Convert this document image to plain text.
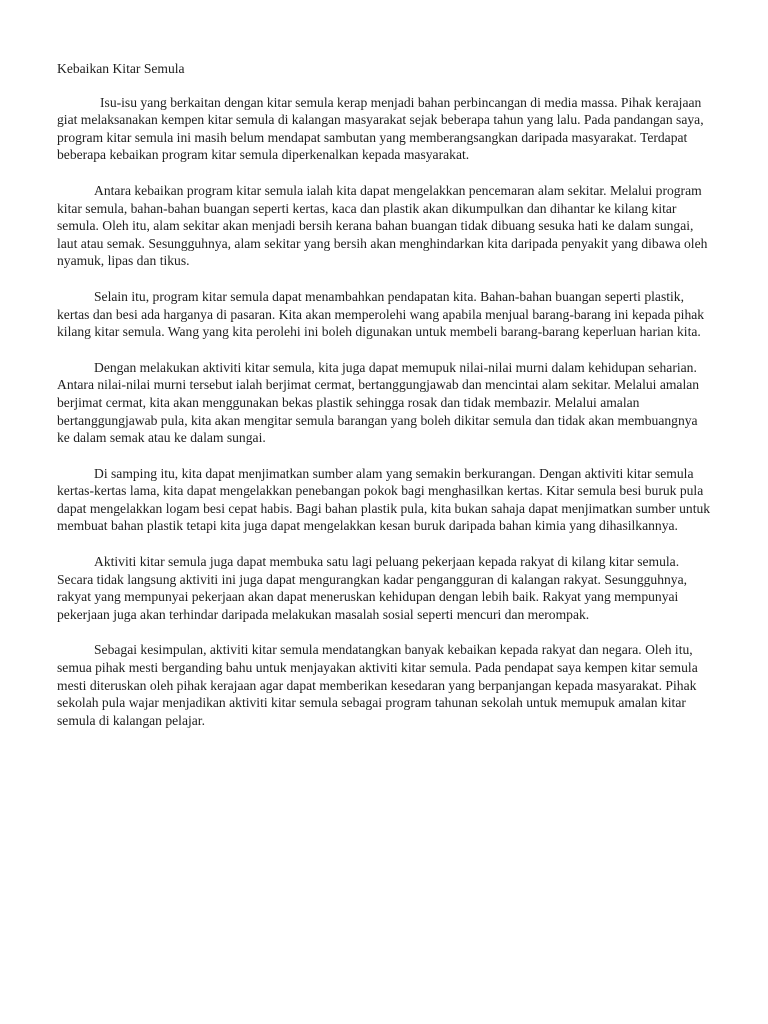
Kebaikan Kitar Semula

Isu-isu yang berkaitan dengan kitar semula kerap menjadi bahan perbincangan di media massa. Pihak kerajaan giat melaksanakan kempen kitar semula di kalangan masyarakat sejak beberapa tahun yang lalu. Pada pandangan saya, program kitar semula ini masih belum mendapat sambutan yang memberangsangkan daripada masyarakat. Terdapat beberapa kebaikan program kitar semula diperkenalkan kepada masyarakat.

Antara kebaikan program kitar semula ialah kita dapat mengelakkan pencemaran alam sekitar. Melalui program kitar semula, bahan-bahan buangan seperti kertas, kaca dan plastik akan dikumpulkan dan dihantar ke kilang kitar semula. Oleh itu, alam sekitar akan menjadi bersih kerana bahan buangan tidak dibuang sesuka hati ke dalam sungai, laut atau semak. Sesungguhnya, alam sekitar yang bersih akan menghindarkan kita daripada penyakit yang dibawa oleh nyamuk, lipas dan tikus.

Selain itu, program kitar semula dapat menambahkan pendapatan kita. Bahan-bahan buangan seperti plastik, kertas dan besi ada harganya di pasaran. Kita akan memperolehi wang apabila menjual barang-barang ini kepada pihak kilang kitar semula. Wang yang kita perolehi ini boleh digunakan untuk membeli barang-barang keperluan harian kita.

Dengan melakukan aktiviti kitar semula, kita juga dapat memupuk nilai-nilai murni dalam kehidupan seharian. Antara nilai-nilai murni tersebut ialah berjimat cermat, bertanggungjawab dan mencintai alam sekitar. Melalui amalan berjimat cermat, kita akan menggunakan bekas plastik sehingga rosak dan tidak membazir. Melalui amalan bertanggungjawab pula, kita akan mengitar semula barangan yang boleh dikitar semula dan tidak akan membuangnya ke dalam semak atau ke dalam sungai.

Di samping itu, kita dapat menjimatkan sumber alam yang semakin berkurangan. Dengan aktiviti kitar semula kertas-kertas lama, kita dapat mengelakkan penebangan pokok bagi menghasilkan kertas. Kitar semula besi buruk pula dapat mengelakkan logam besi cepat habis. Bagi bahan plastik pula, kita bukan sahaja dapat menjimatkan sumber untuk membuat bahan plastik tetapi kita juga dapat mengelakkan kesan buruk daripada bahan kimia yang dihasilkannya.

Aktiviti kitar semula juga dapat membuka satu lagi peluang pekerjaan kepada rakyat di kilang kitar semula. Secara tidak langsung aktiviti ini juga dapat mengurangkan kadar pengangguran di kalangan rakyat. Sesungguhnya, rakyat yang mempunyai pekerjaan akan dapat meneruskan kehidupan dengan lebih baik. Rakyat yang mempunyai pekerjaan juga akan terhindar daripada melakukan masalah sosial seperti mencuri dan merompak.

Sebagai kesimpulan, aktiviti kitar semula mendatangkan banyak kebaikan kepada rakyat dan negara. Oleh itu, semua pihak mesti berganding bahu untuk menjayakan aktiviti kitar semula. Pada pendapat saya kempen kitar semula mesti diteruskan oleh pihak kerajaan agar dapat memberikan kesedaran yang berpanjangan kepada masyarakat. Pihak sekolah pula wajar menjadikan aktiviti kitar semula sebagai program tahunan sekolah untuk memupuk amalan kitar semula di kalangan pelajar.
